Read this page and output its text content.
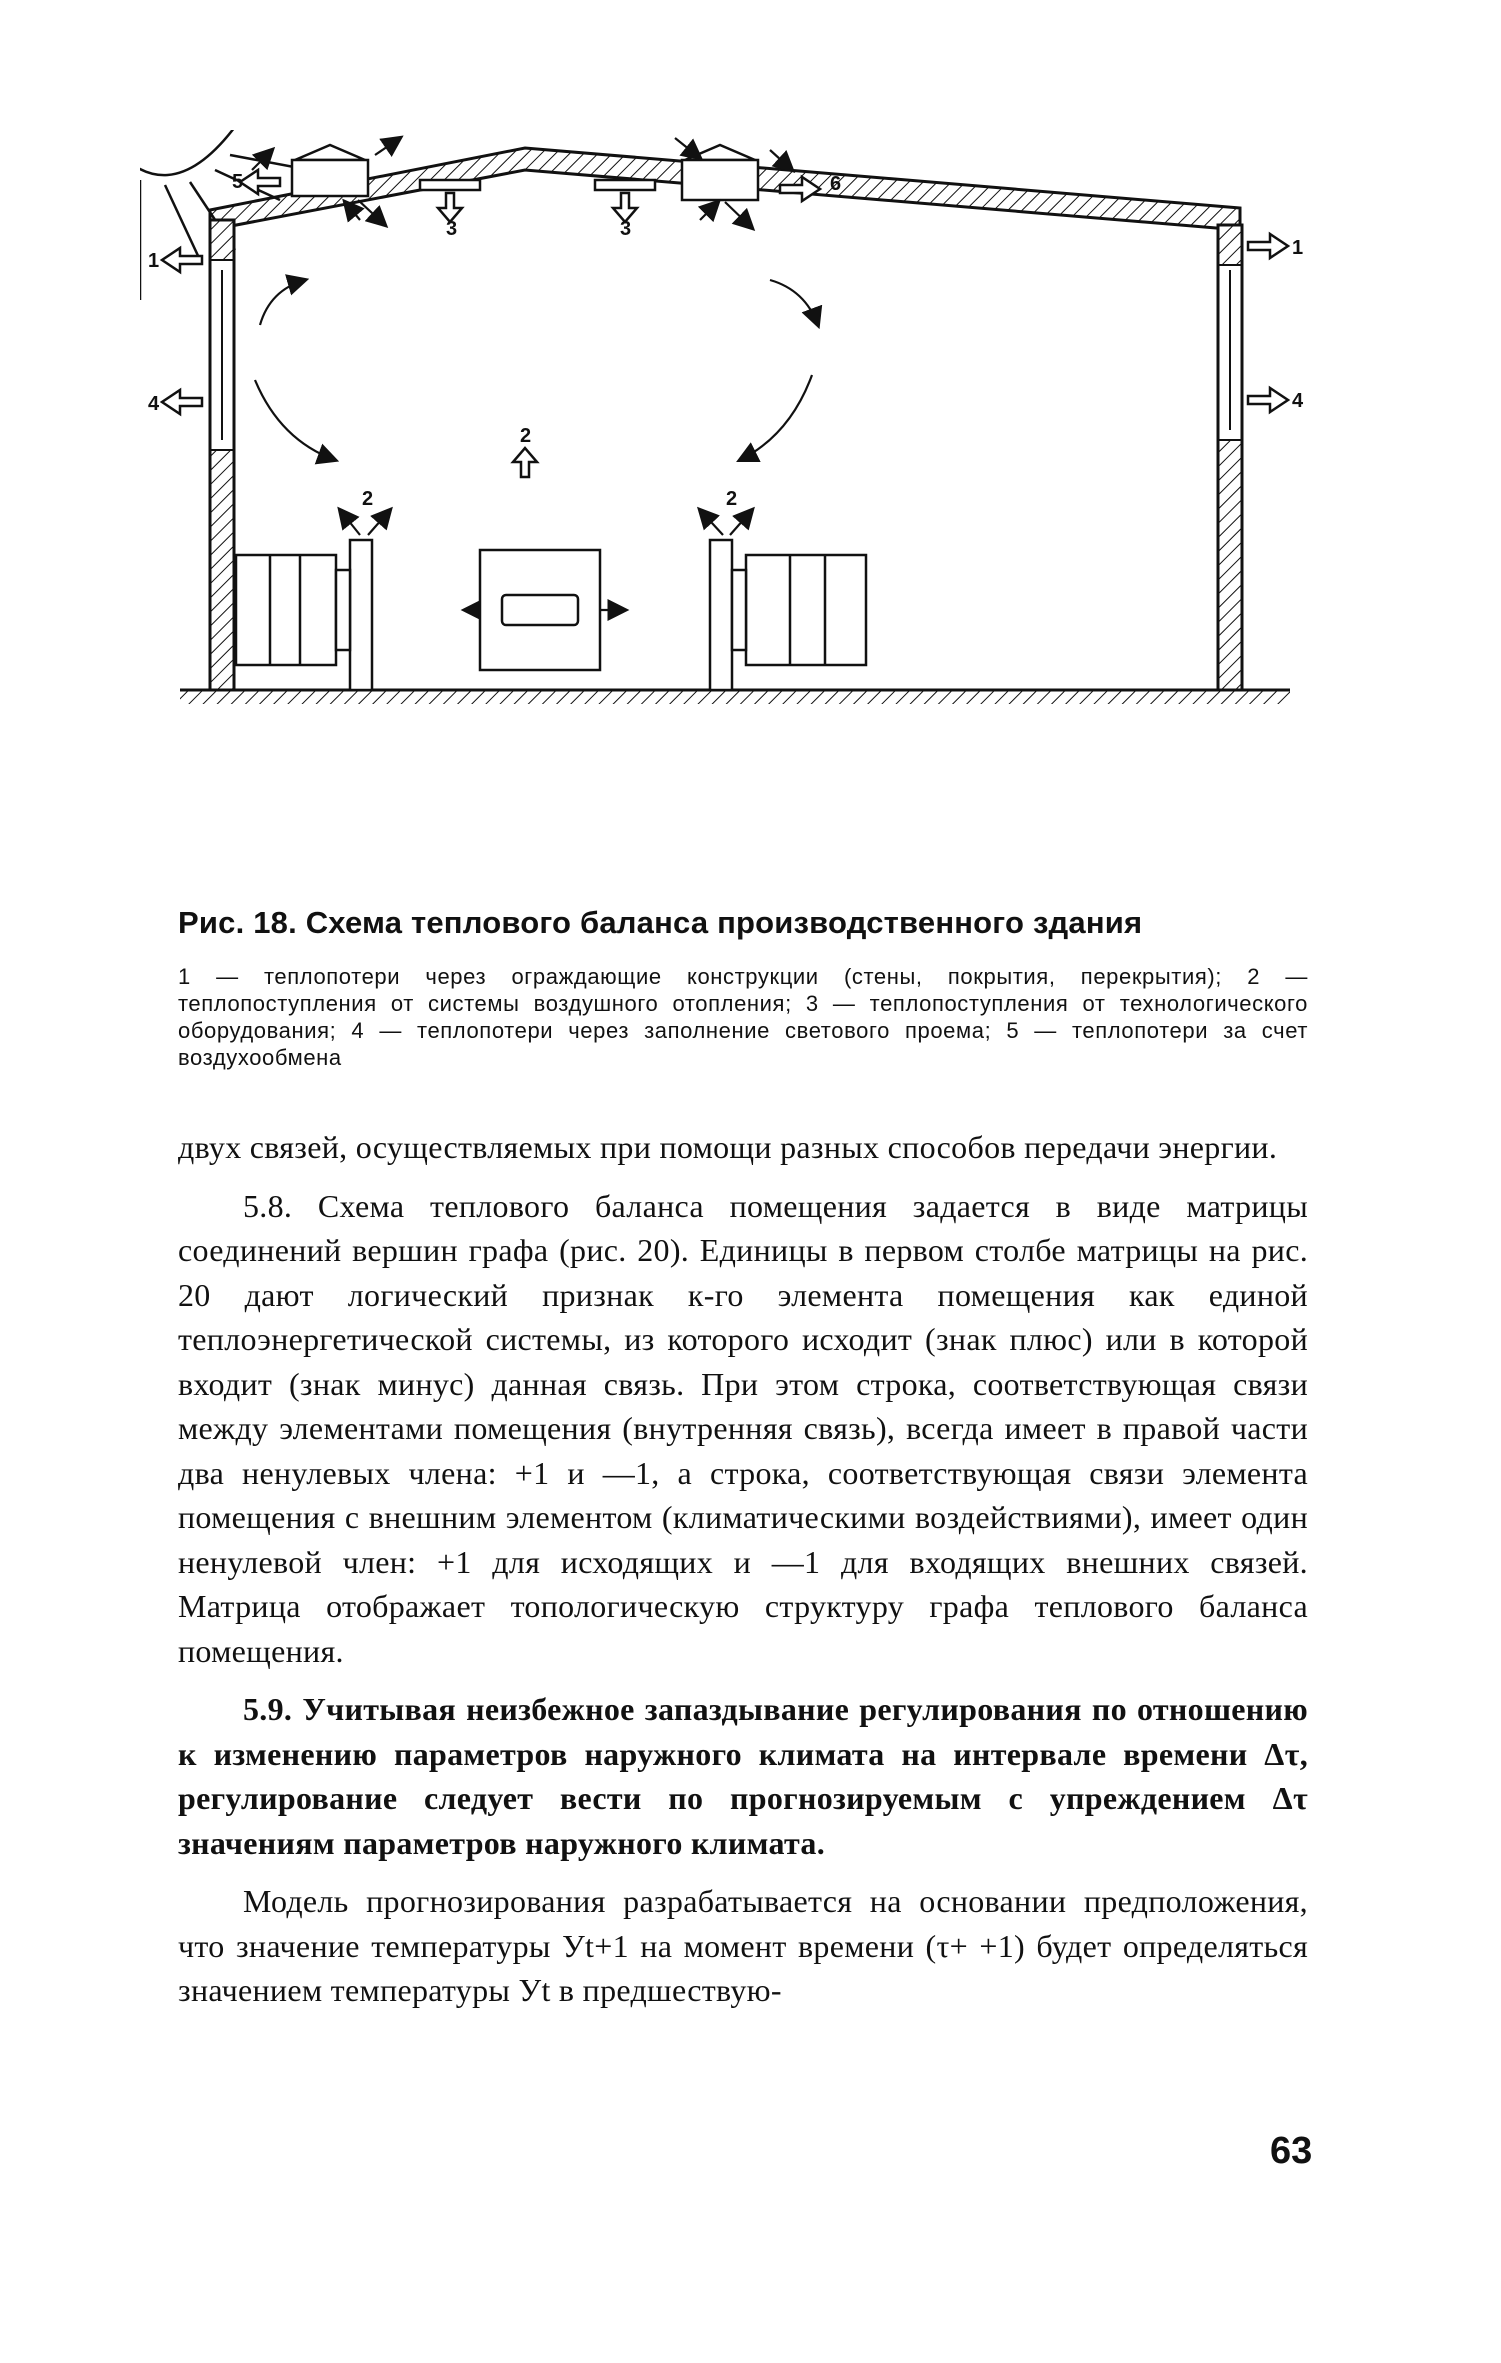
5	6
3	3
1
1
4	4
2
2
2
Рис. 18. Схема теплового баланса производственного здания
1 — теплопотери через ограждающие конструкции (стены, покрытия, перекрытия); 2 — теплопоступления от системы воздушного отопления; 3 — теплопоступления от технологического оборудования; 4 — теплопотери через заполнение светового проема; 5 — теплопотери за счет воздухообмена

двух связей, осуществляемых при помощи разных способов передачи энергии.

5.8. Схема теплового баланса помещения задается в виде матрицы соединений вершин графа (рис. 20). Единицы в первом столбе матрицы на рис. 20 дают логический признак к-го элемента помещения как единой теплоэнергетической системы, из которого исходит (знак плюс) или в которой входит (знак минус) данная связь. При этом строка, соответствующая связи между элементами помещения (внутренняя связь), всегда имеет в правой части два ненулевых члена: +1 и —1, а строка, соответствующая связи элемента помещения с внешним элементом (климатическими воздействиями), имеет один ненулевой член: +1 для исходящих и —1 для входящих внешних связей. Матрица отображает топологическую структуру графа теплового баланса помещения.

5.9. Учитывая неизбежное запаздывание регулирования по отношению к изменению параметров наружного климата на интервале времени Δτ, регулирование следует вести по прогнозируемым с упреждением Δτ значениям параметров наружного климата.

Модель прогнозирования разрабатывается на основании предположения, что значение температуры Уt+1 на момент времени (τ+ +1) будет определяться значением температуры Уt в предшествую-

63
